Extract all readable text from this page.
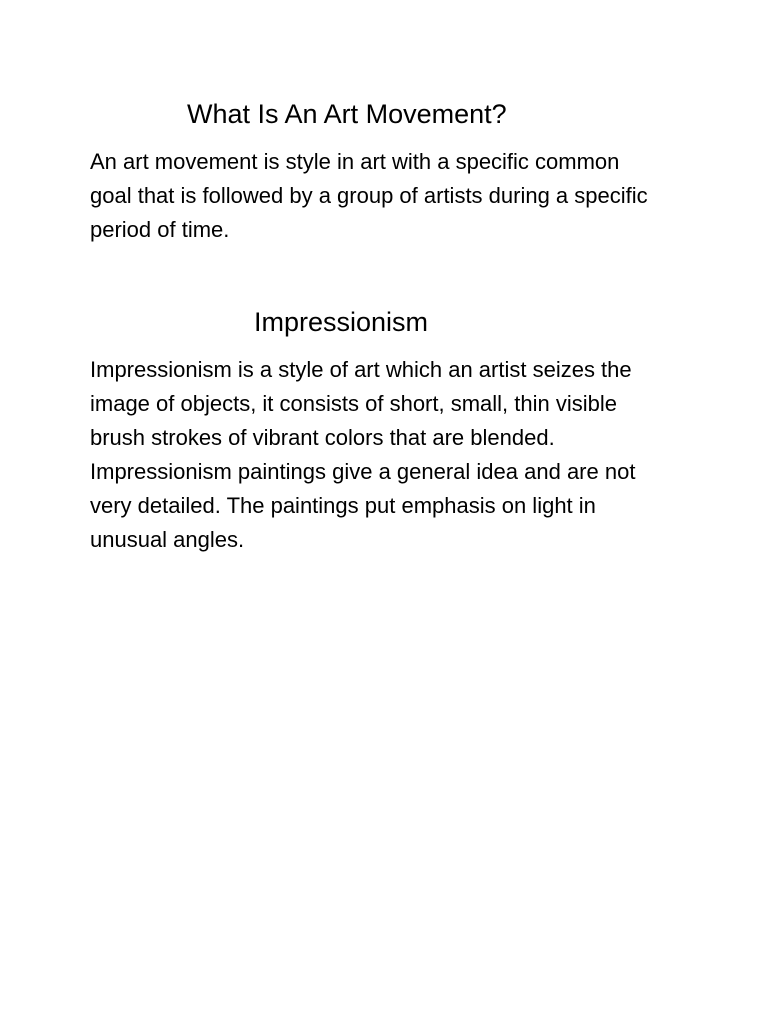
What Is An Art Movement?

An art movement is style in art with a specific common
goal that is followed by a group of artists during a specific
period of time.

Impressionism

Impressionism is a style of art which an artist seizes the
image of objects, it consists of short, small, thin visible
brush strokes of vibrant colors that are blended.
Impressionism paintings give a general idea and are not
very detailed. The paintings put emphasis on light in
unusual angles.
